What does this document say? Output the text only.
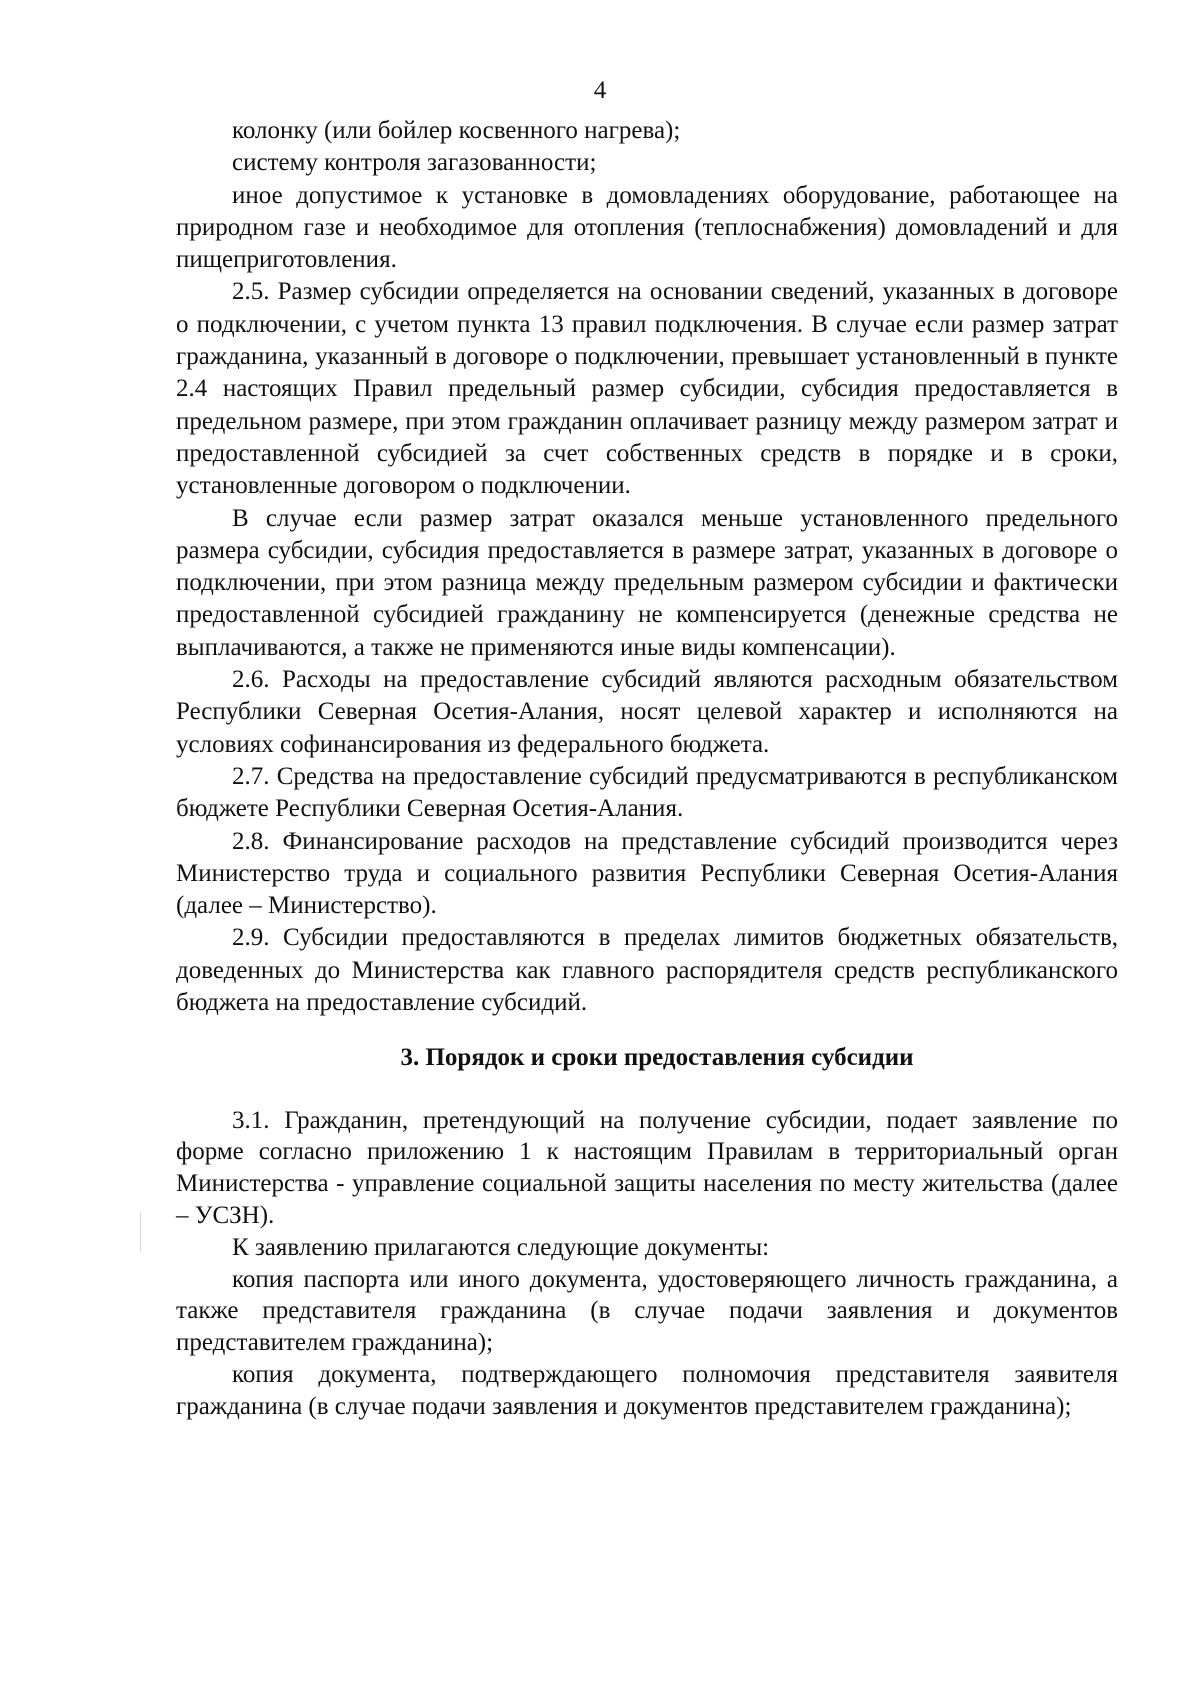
4

колонку (или бойлер косвенного нагрева);

систему контроля загазованности;

иное допустимое к установке в домовладениях оборудование, работающее на природном газе и необходимое для отопления (теплоснабжения) домовладений и для пищеприготовления.

2.5. Размер субсидии определяется на основании сведений, указанных в договоре о подключении, с учетом пункта 13 правил подключения. В случае если размер затрат гражданина, указанный в договоре о подключении, превышает установленный в пункте 2.4 настоящих Правил предельный размер субсидии, субсидия предоставляется в предельном размере, при этом гражданин оплачивает разницу между размером затрат и предоставленной субсидией за счет собственных средств в порядке и в сроки, установленные договором о подключении.

В случае если размер затрат оказался меньше установленного предельного размера субсидии, субсидия предоставляется в размере затрат, указанных в договоре о подключении, при этом разница между предельным размером субсидии и фактически предоставленной субсидией гражданину не компенсируется (денежные средства не выплачиваются, а также не применяются иные виды компенсации).

2.6. Расходы на предоставление субсидий являются расходным обязательством Республики Северная Осетия-Алания, носят целевой характер и исполняются на условиях софинансирования из федерального бюджета.

2.7. Средства на предоставление субсидий предусматриваются в республиканском бюджете Республики Северная Осетия-Алания.

2.8. Финансирование расходов на представление субсидий производится через Министерство труда и социального развития Республики Северная Осетия-Алания (далее – Министерство).

2.9. Субсидии предоставляются в пределах лимитов бюджетных обязательств, доведенных до Министерства как главного распорядителя средств республиканского бюджета на предоставление субсидий.

3. Порядок и сроки предоставления субсидии

3.1. Гражданин, претендующий на получение субсидии, подает заявление по форме согласно приложению 1 к настоящим Правилам в территориальный орган Министерства - управление социальной защиты населения по месту жительства (далее – УСЗН).

К заявлению прилагаются следующие документы:

копия паспорта или иного документа, удостоверяющего личность гражданина, а также представителя гражданина (в случае подачи заявления и документов представителем гражданина);

копия документа, подтверждающего полномочия представителя заявителя гражданина (в случае подачи заявления и документов представителем гражданина);
